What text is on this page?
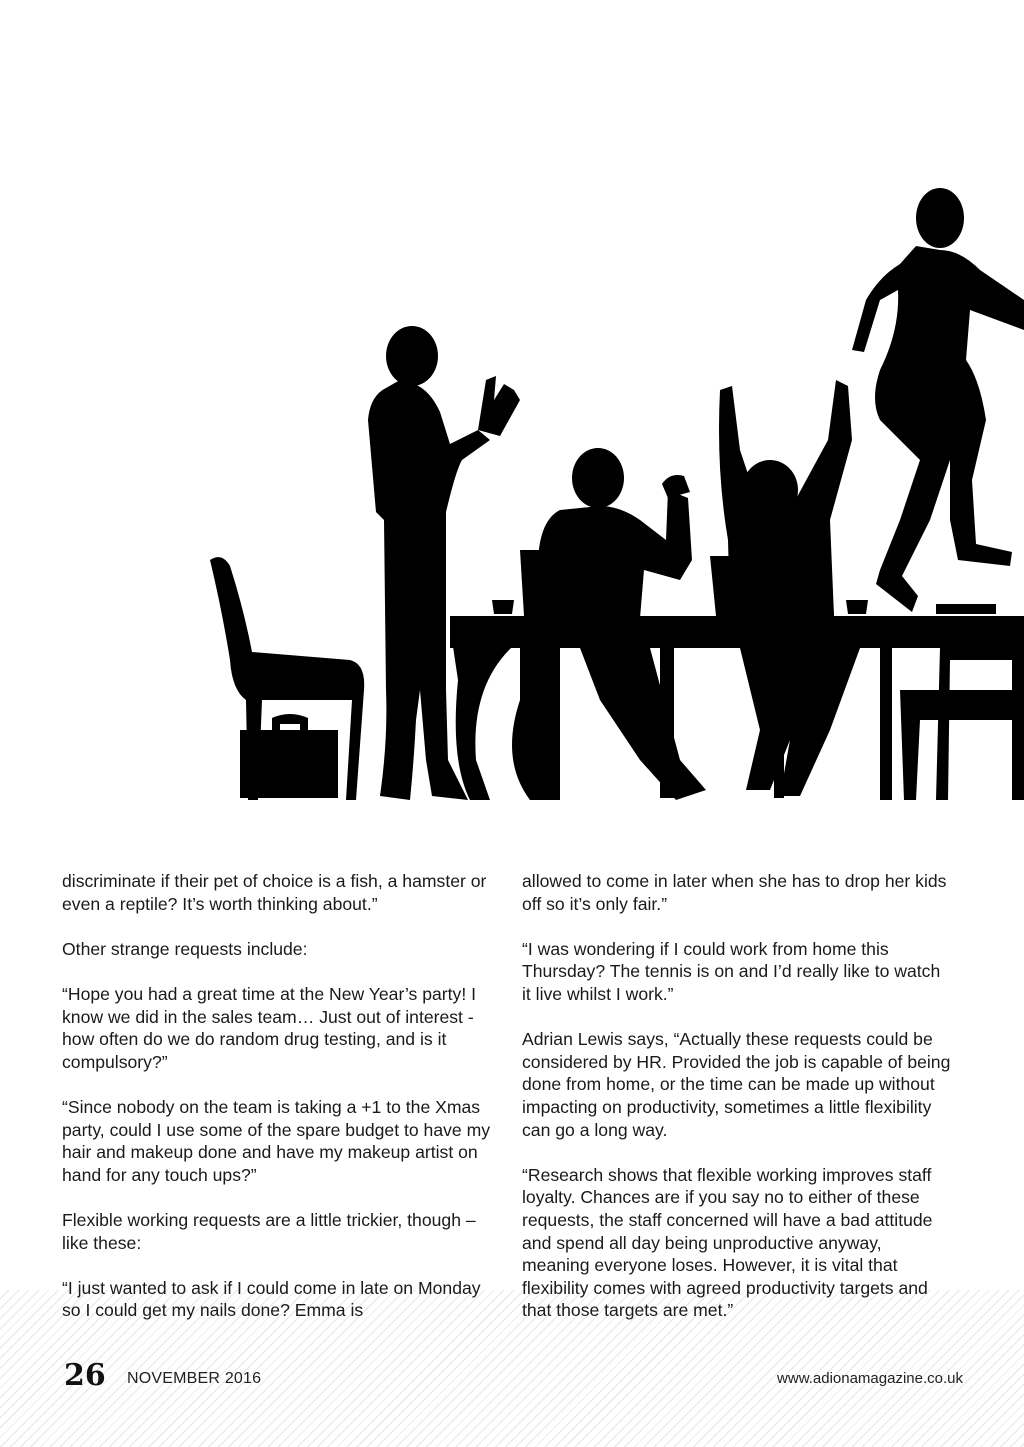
discriminate if their pet of choice is a fish, a hamster or even a reptile? It’s worth thinking about.”

Other strange requests include:

“Hope you had a great time at the New Year’s party! I know we did in the sales team… Just out of interest - how often do we do random drug testing, and is it compulsory?”

“Since nobody on the team is taking a +1 to the Xmas party, could I use some of the spare budget to have my hair and makeup done and have my makeup artist on hand for any touch ups?”

Flexible working requests are a little trickier, though – like these:

“I just wanted to ask if I could come in late on Monday so I could get my nails done? Emma is

allowed to come in later when she has to drop her kids off so it’s only fair.”

“I was wondering if I could work from home this Thursday? The tennis is on and I’d really like to watch it live whilst I work.”

Adrian Lewis says, “Actually these requests could be considered by HR. Provided the job is capable of being done from home, or the time can be made up without impacting on productivity, sometimes a little flexibility can go a long way.

“Research shows that flexible working improves staff loyalty. Chances are if you say no to either of these requests, the staff concerned will have a bad attitude and spend all day being unproductive anyway, meaning everyone loses. However, it is vital that flexibility comes with agreed productivity targets and that those targets are met.”

26 NOVEMBER 2016	www.adionamagazine.co.uk
